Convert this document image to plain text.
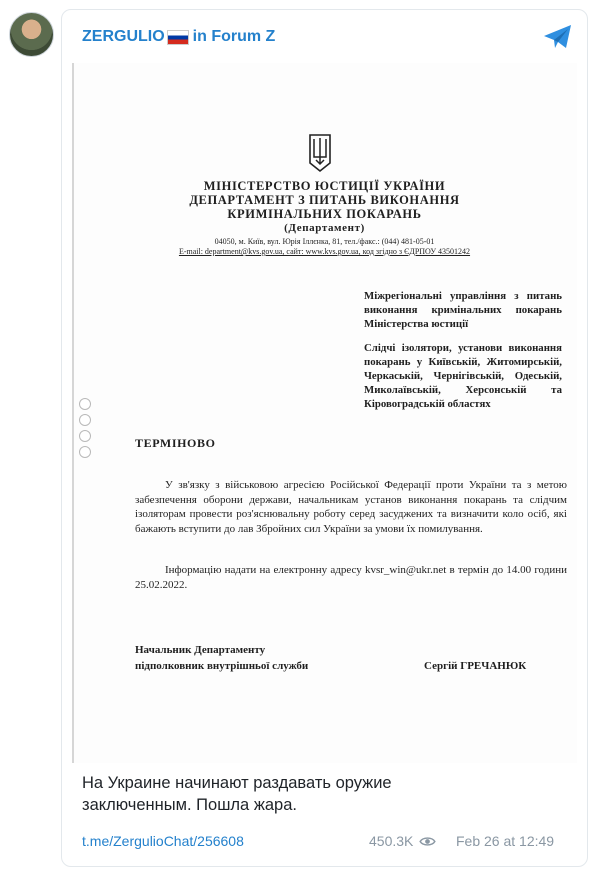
ZERGULIO in Forum Z
МІНІСТЕРСТВО ЮСТИЦІЇ УКРАЇНИ
ДЕПАРТАМЕНТ З ПИТАНЬ ВИКОНАННЯ
КРИМІНАЛЬНИХ ПОКАРАНЬ
(Департамент)
04050, м. Київ, вул. Юрія Іллєнка, 81, тел./факс.: (044) 481-05-01
E-mail: department@kvs.gov.ua, сайт: www.kvs.gov.ua, код згідно з ЄДРПОУ 43501242
Міжрегіональні управління з питань виконання кримінальних покарань Міністерства юстиції
Слідчі ізолятори, установи виконання покарань у Київській, Житомирській, Черкаській, Чернігівській, Одеській, Миколаївській, Херсонській та Кіровоградській областях
ТЕРМІНОВО
У зв'язку з військовою агресією Російської Федерації проти України та з метою забезпечення оборони держави, начальникам установ виконання покарань та слідчим ізоляторам провести роз'яснювальну роботу серед засуджених та визначити коло осіб, які бажають вступити до лав Збройних сил України за умови їх помилування.
Інформацію надати на електронну адресу kvsr_win@ukr.net в термін до 14.00 години 25.02.2022.
Начальник Департаменту
підполковник внутрішньої служби	Сергій ГРЕЧАНЮК
На Украине начинают раздавать оружие
заключенным. Пошла жара.
t.me/ZergulioChat/256608	450.3K	Feb 26 at 12:49
